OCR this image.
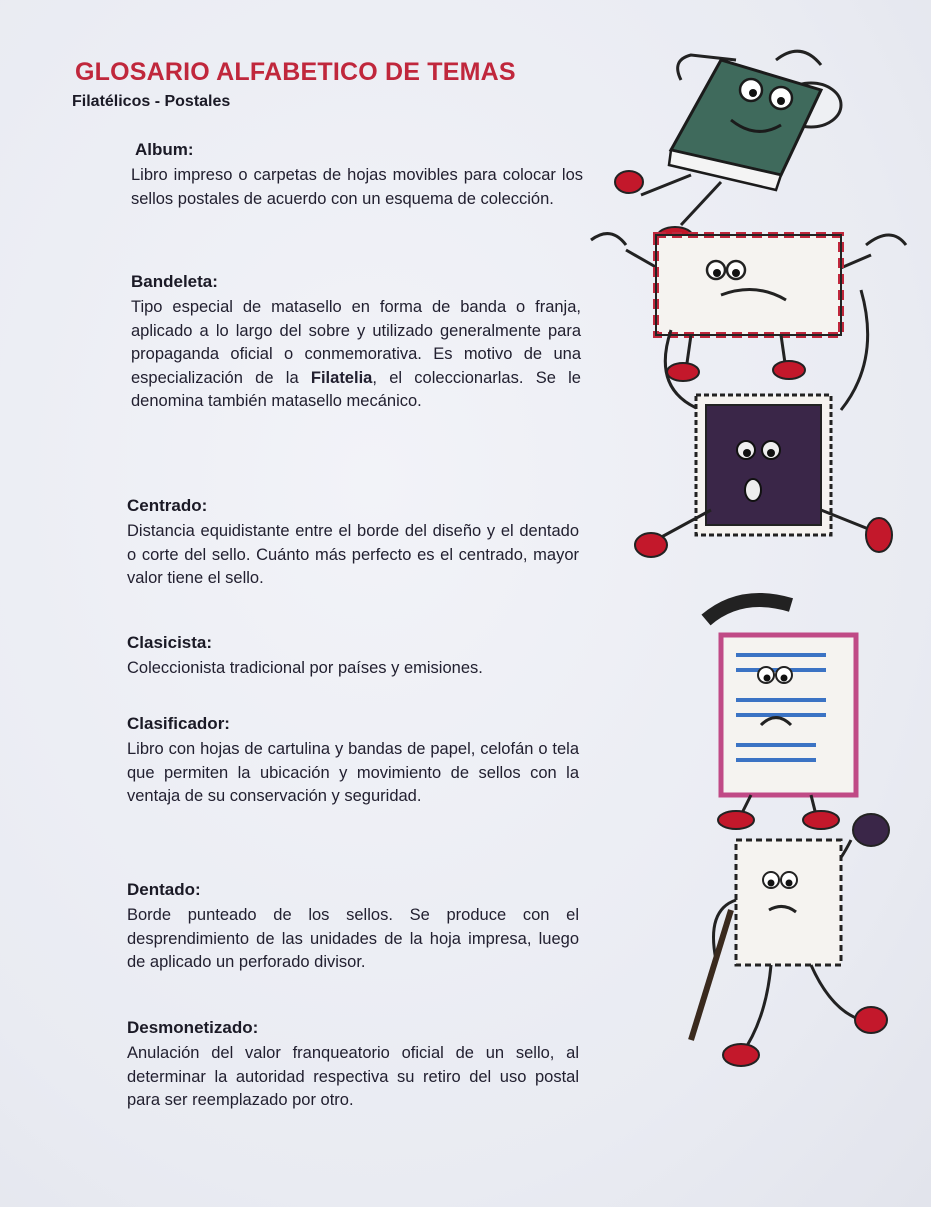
GLOSARIO ALFABETICO DE TEMAS
Filatélicos - Postales

Album:

Libro impreso o carpetas de hojas movibles para colocar los sellos postales de acuerdo con un esquema de colección.

Bandeleta:

Tipo especial de matasello en forma de banda o franja, aplicado a lo largo del sobre y utilizado generalmente para propaganda oficial o conmemorativa. Es motivo de una especialización de la Filatelia, el coleccionarlas. Se le denomina también matasello mecánico.

Centrado:

Distancia equidistante entre el borde del diseño y el dentado o corte del sello. Cuánto más perfecto es el centrado, mayor valor tiene el sello.

Clasicista:

Coleccionista tradicional por países y emisiones.

Clasificador:

Libro con hojas de cartulina y bandas de papel, celofán o tela que permiten la ubicación y movimiento de sellos con la ventaja de su conservación y seguridad.

Dentado:

Borde punteado de los sellos. Se produce con el desprendimiento de las unidades de la hoja impresa, luego de aplicado un perforado divisor.

Desmonetizado:

Anulación del valor franqueatorio oficial de un sello, al determinar la autoridad respectiva su retiro del uso postal para ser reemplazado por otro.
